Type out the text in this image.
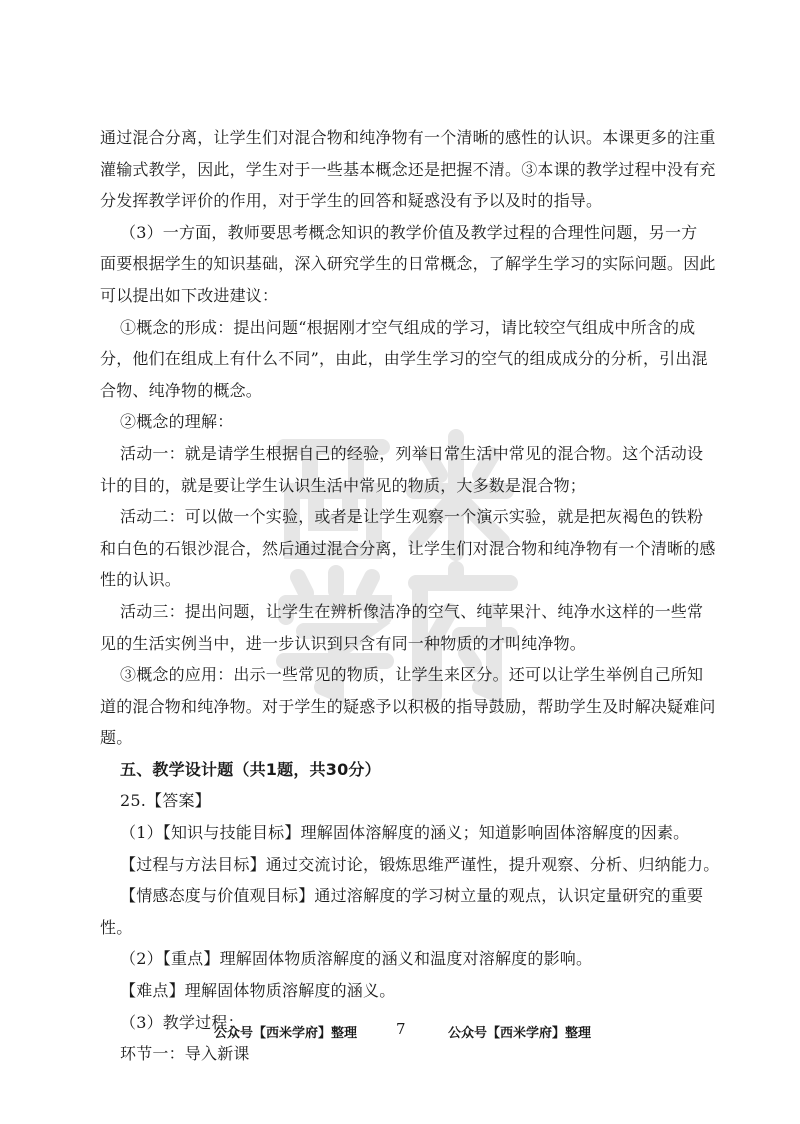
通过混合分离，让学生们对混合物和纯净物有一个清晰的感性的认识。本课更多的注重
灌输式教学，因此，学生对于一些基本概念还是把握不清。③本课的教学过程中没有充
分发挥教学评价的作用，对于学生的回答和疑惑没有予以及时的指导。
（3）一方面，教师要思考概念知识的教学价值及教学过程的合理性问题，另一方
面要根据学生的知识基础，深入研究学生的日常概念，了解学生学习的实际问题。因此
可以提出如下改进建议：
①概念的形成：提出问题“根据刚才空气组成的学习，请比较空气组成中所含的成
分，他们在组成上有什么不同”，由此，由学生学习的空气的组成成分的分析，引出混
合物、纯净物的概念。
②概念的理解：
活动一：就是请学生根据自己的经验，列举日常生活中常见的混合物。这个活动设
计的目的，就是要让学生认识生活中常见的物质，大多数是混合物；
活动二：可以做一个实验，或者是让学生观察一个演示实验，就是把灰褐色的铁粉
和白色的石银沙混合，然后通过混合分离，让学生们对混合物和纯净物有一个清晰的感
性的认识。
活动三：提出问题，让学生在辨析像洁净的空气、纯苹果汁、纯净水这样的一些常
见的生活实例当中，进一步认识到只含有同一种物质的才叫纯净物。
③概念的应用：出示一些常见的物质，让学生来区分。还可以让学生举例自己所知
道的混合物和纯净物。对于学生的疑惑予以积极的指导鼓励，帮助学生及时解决疑难问
题。
五、教学设计题（共1题，共30分）
25.【答案】
（1）【知识与技能目标】理解固体溶解度的涵义；知道影响固体溶解度的因素。
【过程与方法目标】通过交流讨论，锻炼思维严谨性，提升观察、分析、归纳能力。
【情感态度与价值观目标】通过溶解度的学习树立量的观点，认识定量研究的重要
性。
（2）【重点】理解固体物质溶解度的涵义和温度对溶解度的影响。
【难点】理解固体物质溶解度的涵义。
（3）教学过程：
环节一：导入新课
公众号【西米学府】整理	7	公众号【西米学府】整理
